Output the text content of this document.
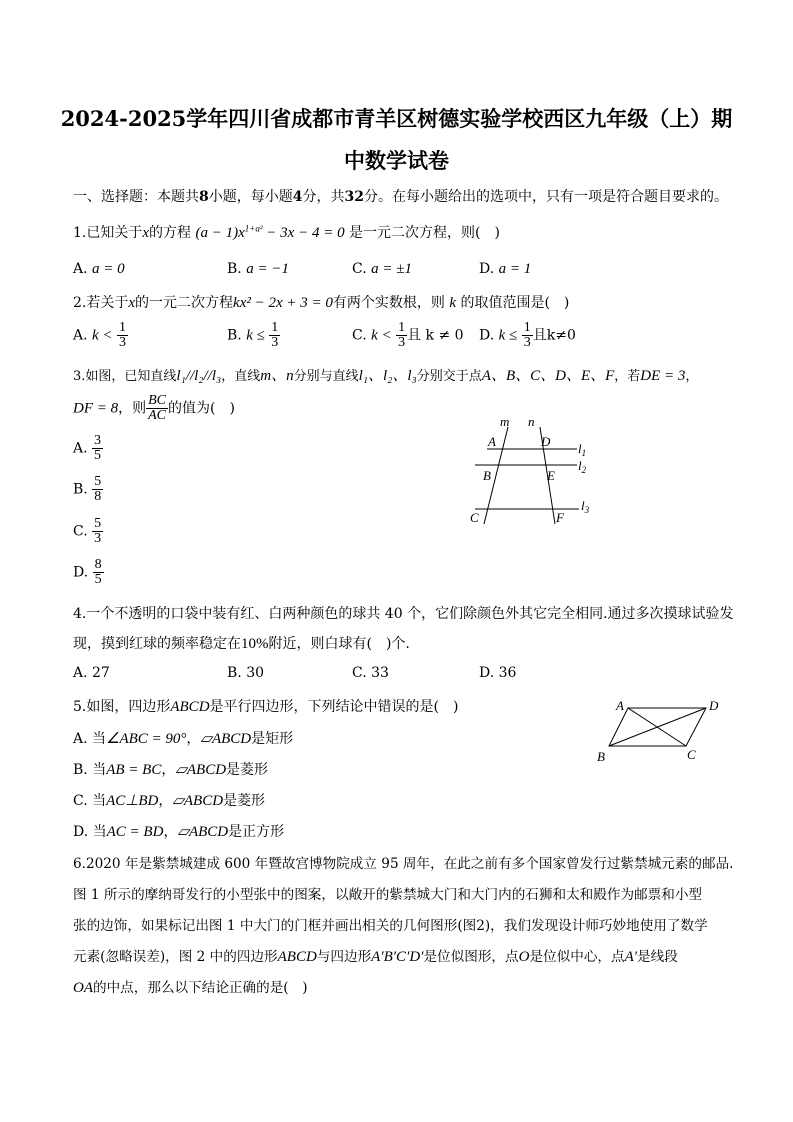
2024-2025学年四川省成都市青羊区树德实验学校西区九年级（上）期
中数学试卷
一、选择题：本题共8小题，每小题4分，共32分。在每小题给出的选项中，只有一项是符合题目要求的。
1.已知关于x的方程 $(a - 1)x^{1+a^2} - 3x - 4 = 0$ 是一元二次方程，则(　)
A. a = 0	B. a = −1	C. a = ±1	D. a = 1
2.若关于x的一元二次方程kx² − 2x + 3 = 0有两个实数根，则 k 的取值范围是(　)
A. $k < \frac{1}{3}$	B. $k \le \frac{1}{3}$	C. $k < \frac{1}{3}$ 且 k ≠ 0 D. $k \le \frac{1}{3}$ 且k≠0
3.如图，已知直线l₁//l₂//l₃，直线m、n分别与直线l₁、l₂、l₃分别交于点A、B、C、D、E、F，若DE = 3，
DF = 8，则 $\frac{BC}{AC}$ 的值为(　)
A. $\frac{3}{5}$
B. $\frac{5}{8}$
C. $\frac{5}{3}$
D. $\frac{8}{5}$
m n
A	D $l_1$
B	E
$l_2$
C	F
$l_3$
4.一个不透明的口袋中装有红、白两种颜色的球共 40 个，它们除颜色外其它完全相同.通过多次摸球试验发
现，摸到红球的频率稳定在10%附近，则白球有(　)个.
A. 27	B. 30	C. 33	D. 36
5.如图，四边形ABCD是平行四边形，下列结论中错误的是(　)
A. 当∠ABC = 90°，▱ABCD是矩形
B. 当AB = BC，▱ABCD是菱形
C. 当AC⊥BD，▱ABCD是菱形
D. 当AC = BD，▱ABCD是正方形
A	D
B	C
6.2020 年是紫禁城建成 600 年暨故宫博物院成立 95 周年，在此之前有多个国家曾发行过紫禁城元素的邮品.
图 1 所示的摩纳哥发行的小型张中的图案，以敞开的紫禁城大门和大门内的石狮和太和殿作为邮票和小型
张的边饰，如果标记出图 1 中大门的门框并画出相关的几何图形(图2)，我们发现设计师巧妙地使用了数学
元素(忽略误差)，图 2 中的四边形ABCD与四边形A′B′C′D′是位似图形，点O是位似中心，点A′是线段
OA的中点，那么以下结论正确的是(　)
